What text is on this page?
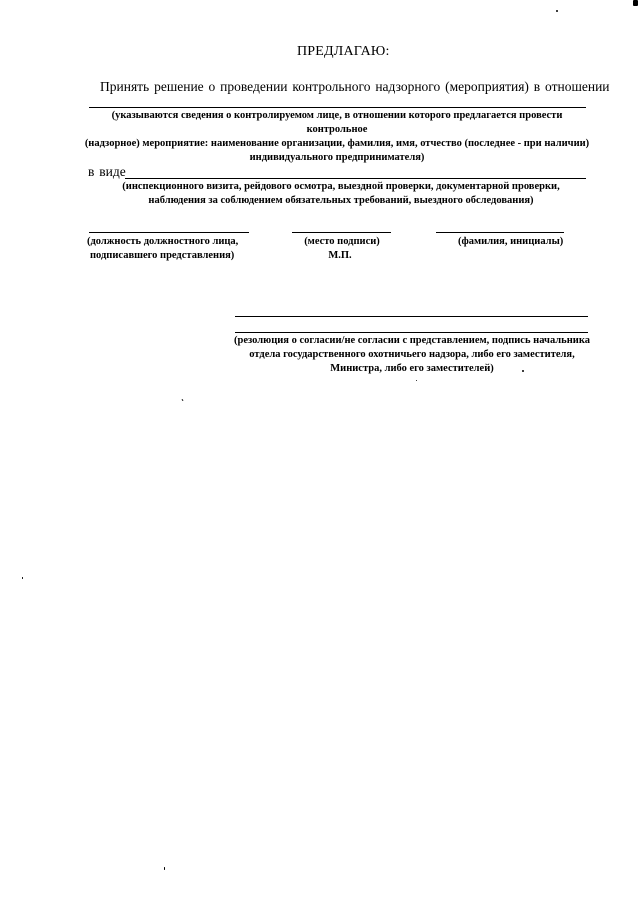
ПРЕДЛАГАЮ:
Принять решение о проведении контрольного надзорного (мероприятия) в отношении
(указываются сведения о контролируемом лице, в отношении которого предлагается провести контрольное
(надзорное) мероприятие: наименование организации, фамилия, имя, отчество (последнее - при наличии)
индивидуального предпринимателя)
в виде
(инспекционного визита, рейдового осмотра, выездной проверки, документарной проверки,
наблюдения за соблюдением обязательных требований, выездного обследования)
(должность должностного лица,
подписавшего представления)
(место подписи)
М.П.
(фамилия, инициалы)
(резолюция о согласии/не согласии с представлением, подпись начальника
отдела государственного охотничьего надзора, либо его заместителя,
Министра, либо его заместителей)
